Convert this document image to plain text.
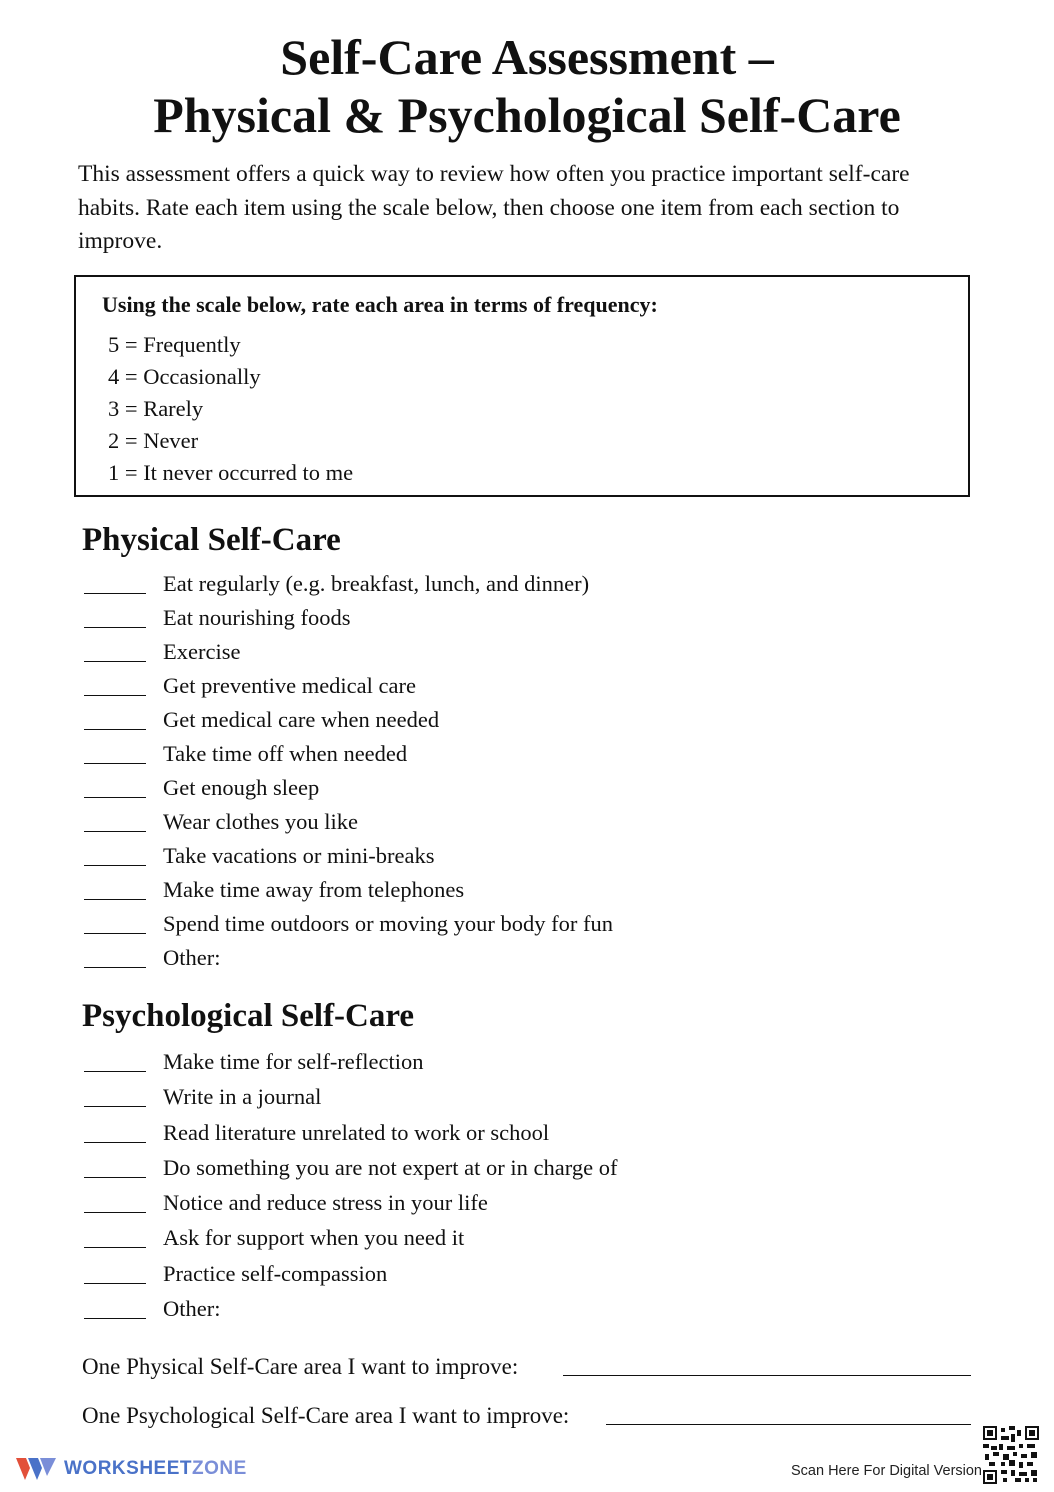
Self-Care Assessment –
Physical & Psychological Self-Care
This assessment offers a quick way to review how often you practice important self-care habits. Rate each item using the scale below, then choose one item from each section to improve.
Using the scale below, rate each area in terms of frequency:
5 = Frequently
4 = Occasionally
3 = Rarely
2 = Never
1 = It never occurred to me
Physical Self-Care
Eat regularly (e.g. breakfast, lunch, and dinner)
Eat nourishing foods
Exercise
Get preventive medical care
Get medical care when needed
Take time off when needed
Get enough sleep
Wear clothes you like
Take vacations or mini-breaks
Make time away from telephones
Spend time outdoors or moving your body for fun
Other:
Psychological Self-Care
Make time for self-reflection
Write in a journal
Read literature unrelated to work or school
Do something you are not expert at or in charge of
Notice and reduce stress in your life
Ask for support when you need it
Practice self-compassion
Other:
One Physical Self-Care area I want to improve:
One Psychological Self-Care area I want to improve:
WORKSHEETZONE	Scan Here For Digital Version
